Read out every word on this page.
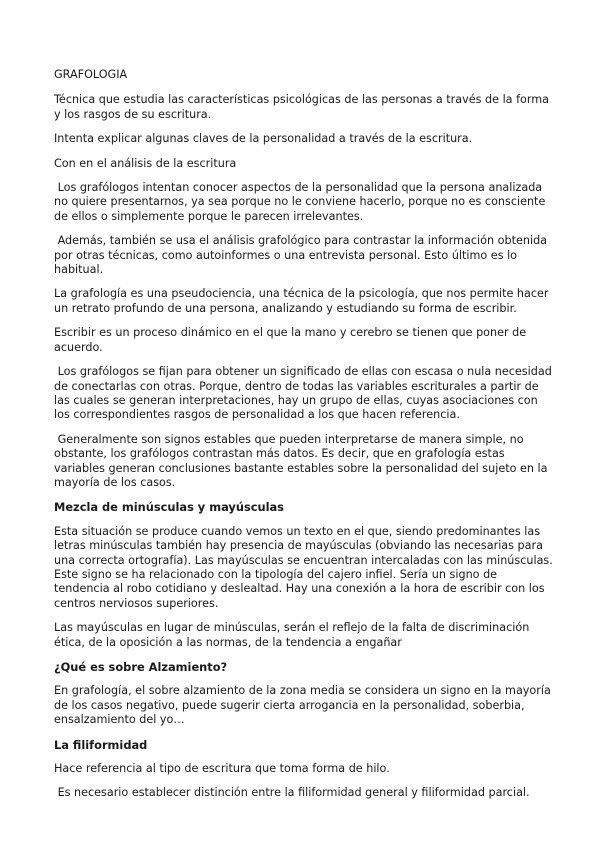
GRAFOLOGIA

Técnica que estudia las características psicológicas de las personas a través de la forma y los rasgos de su escritura.

Intenta explicar algunas claves de la personalidad a través de la escritura.

Con en el análisis de la escritura

Los grafólogos intentan conocer aspectos de la personalidad que la persona analizada no quiere presentarnos, ya sea porque no le conviene hacerlo, porque no es consciente de ellos o simplemente porque le parecen irrelevantes.

Además, también se usa el análisis grafológico para contrastar la información obtenida por otras técnicas, como autoinformes o una entrevista personal. Esto último es lo habitual.

La grafología es una pseudociencia, una técnica de la psicología, que nos permite hacer un retrato profundo de una persona, analizando y estudiando su forma de escribir.

Escribir es un proceso dinámico en el que la mano y cerebro se tienen que poner de acuerdo.

Los grafólogos se fijan para obtener un significado de ellas con escasa o nula necesidad de conectarlas con otras. Porque, dentro de todas las variables escriturales a partir de las cuales se generan interpretaciones, hay un grupo de ellas, cuyas asociaciones con los correspondientes rasgos de personalidad a los que hacen referencia.

Generalmente son signos estables que pueden interpretarse de manera simple, no obstante, los grafólogos contrastan más datos. Es decir, que en grafología estas variables generan conclusiones bastante estables sobre la personalidad del sujeto en la mayoría de los casos.

Mezcla de minúsculas y mayúsculas

Esta situación se produce cuando vemos un texto en el que, siendo predominantes las letras minúsculas también hay presencia de mayúsculas (obviando las necesarias para una correcta ortografía). Las mayúsculas se encuentran intercaladas con las minúsculas. Este signo se ha relacionado con la tipología del cajero infiel. Sería un signo de tendencia al robo cotidiano y deslealtad. Hay una conexión a la hora de escribir con los centros nerviosos superiores.

Las mayúsculas en lugar de minúsculas, serán el reflejo de la falta de discriminación ética, de la oposición a las normas, de la tendencia a engañar

¿Qué es sobre Alzamiento?

En grafología, el sobre alzamiento de la zona media se considera un signo en la mayoría de los casos negativo, puede sugerir cierta arrogancia en la personalidad, soberbia, ensalzamiento del yo…

La filiformidad

Hace referencia al tipo de escritura que toma forma de hilo.

Es necesario establecer distinción entre la filiformidad general y filiformidad parcial.
